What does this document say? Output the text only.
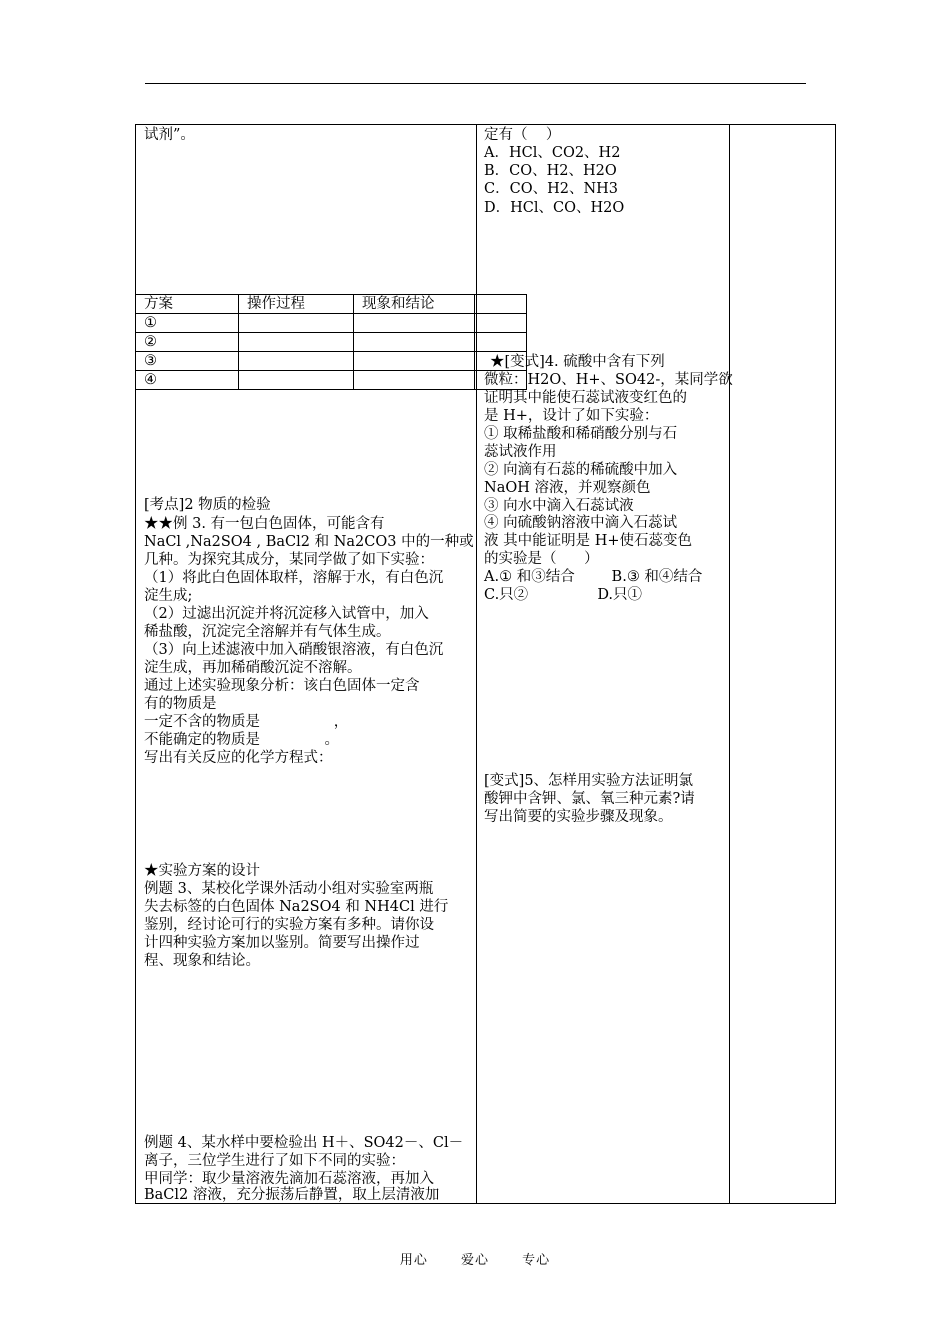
试剂”。
方案	操作过程	现象和结论	
①			
②			
③			
④			
[考点]2 物质的检验
★★例 3. 有一包白色固体，可能含有
NaCl ,Na2SO4 , BaCl2 和 Na2CO3 中的一种或
几种。为探究其成分，某同学做了如下实验：
（1）将此白色固体取样，溶解于水，有白色沉
淀生成;
（2）过滤出沉淀并将沉淀移入试管中，加入
稀盐酸，沉淀完全溶解并有气体生成。
（3）向上述滤液中加入硝酸银溶液，有白色沉
淀生成，再加稀硝酸沉淀不溶解。
通过上述实验现象分析：该白色固体一定含
有的物质是
一定不含的物质是                ，
不能确定的物质是              。
写出有关反应的化学方程式：
★实验方案的设计
例题 3、某校化学课外活动小组对实验室两瓶
失去标签的白色固体 Na2SO4 和 NH4Cl 进行
鉴别，经讨论可行的实验方案有多种。请你设
计四种实验方案加以鉴别。简要写出操作过
程、现象和结论。
例题 4、某水样中要检验出 H＋、SO42－、Cl－
离子，三位学生进行了如下不同的实验：
甲同学：取少量溶液先滴加石蕊溶液，再加入
BaCl2 溶液，充分振荡后静置，取上层清液加
定有（    ）
A．HCl、CO2、H2
B．CO、H2、H2O
C．CO、H2、NH3
D．HCl、CO、H2O
★[变式]4. 硫酸中含有下列
微粒：H2O、H+、SO42-，某同学欲
证明其中能使石蕊试液变红色的
是 H+，设计了如下实验：
① 取稀盐酸和稀硝酸分别与石
蕊试液作用
② 向滴有石蕊的稀硫酸中加入
NaOH 溶液，并观察颜色
③ 向水中滴入石蕊试液
④ 向硫酸钠溶液中滴入石蕊试
液 其中能证明是 H+使石蕊变色
的实验是（      ）
A.① 和③结合        B.③ 和④结合
C.只②               D.只①
[变式]5、怎样用实验方法证明氯
酸钾中含钾、氯、氧三种元素?请
写出简要的实验步骤及现象。
用心	爱心	专心
